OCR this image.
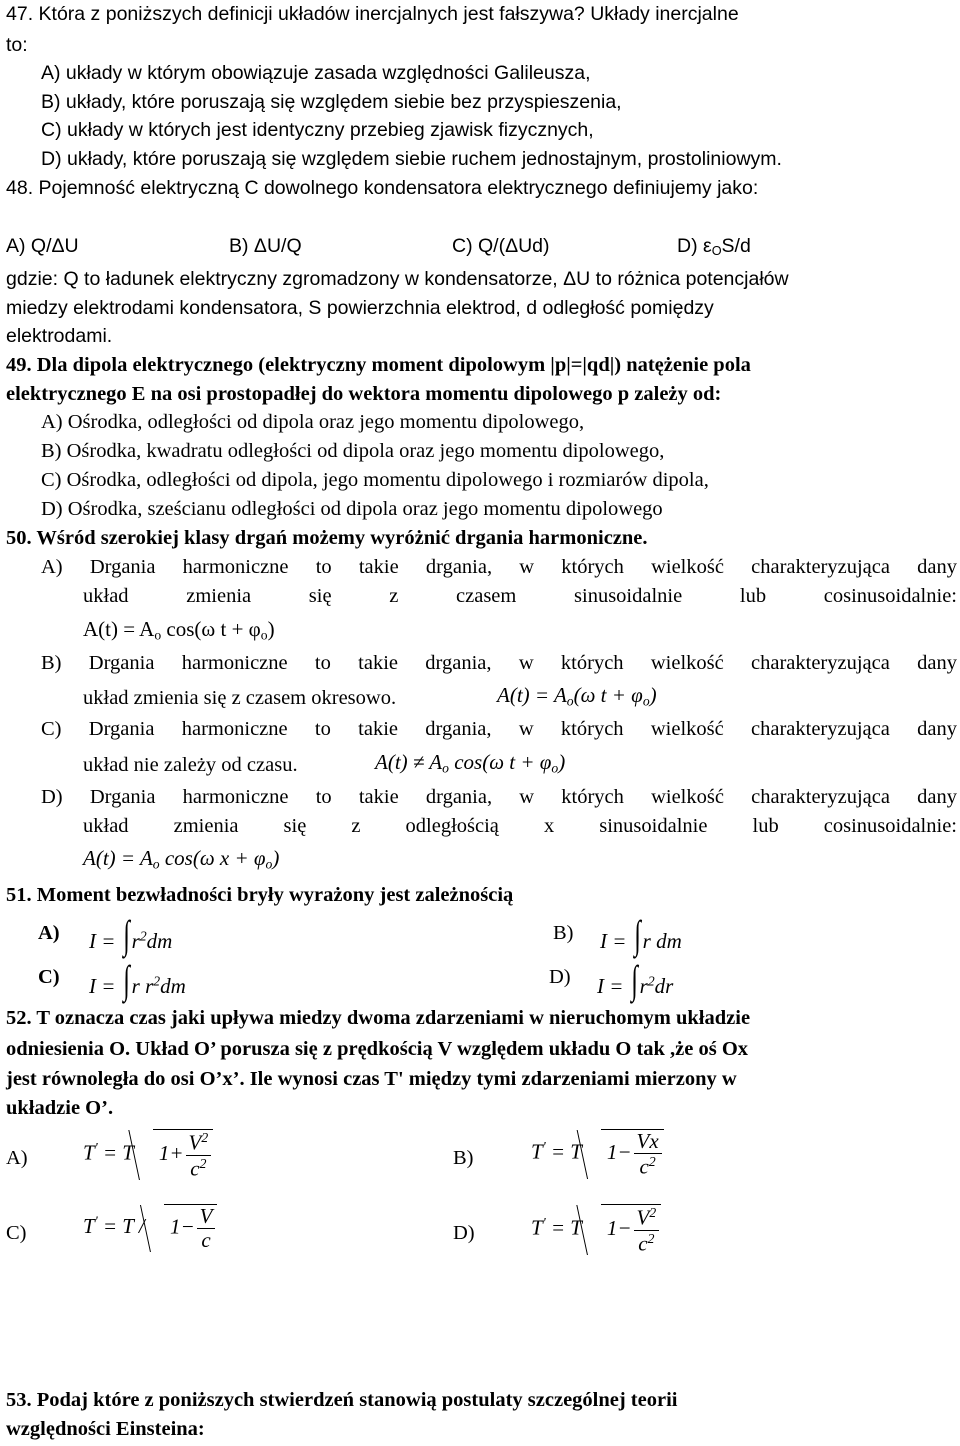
47. Która z poniższych definicji układów inercjalnych jest fałszywa? Układy inercjalne
to:
A) układy w którym obowiązuje zasada względności Galileusza,
B) układy, które poruszają się względem siebie bez przyspieszenia,
C) układy w których jest identyczny przebieg zjawisk fizycznych,
D) układy, które poruszają się względem siebie ruchem jednostajnym, prostoliniowym.
48. Pojemność elektryczną C dowolnego kondensatora elektrycznego definiujemy jako:
A) Q/ΔU	B) ΔU/Q	C) Q/(ΔUd)	D) $\varepsilon_OS/d$
gdzie: Q to ładunek elektryczny zgromadzony w kondensatorze, ΔU to różnica potencjałów
miedzy elektrodami kondensatora, S powierzchnia elektrod, d odległość pomiędzy
elektrodami.
49. Dla dipola elektrycznego (elektryczny moment dipolowym |p|=|qd|) natężenie pola
elektrycznego E na osi prostopadłej do wektora momentu dipolowego p zależy od:
A) Ośrodka, odległości od dipola oraz jego momentu dipolowego,
B) Ośrodka, kwadratu odległości od dipola oraz jego momentu dipolowego,
C) Ośrodka, odległości od dipola, jego momentu dipolowego i rozmiarów dipola,
D) Ośrodka, sześcianu odległości od dipola oraz jego momentu dipolowego
50. Wśród szerokiej klasy drgań możemy wyróżnić drgania harmoniczne.
A) Drgania harmoniczne to takie drgania, w których wielkość charakteryzująca dany
układ zmienia się z czasem sinusoidalnie lub cosinusoidalnie:
$A(t) = A_o$ cos(ω $t + \varphi_o$)
B) Drgania harmoniczne to takie drgania, w których wielkość charakteryzująca dany
układ zmienia się z czasem okresowo.	$A(t) = A_o(\omega$ $t + \varphi_o$)
C) Drgania harmoniczne to takie drgania, w których wielkość charakteryzująca dany
układ nie zależy od czasu.	$A(t) \ne A_o$ cos(ω $t + \varphi_o$)
D) Drgania harmoniczne to takie drgania, w których wielkość charakteryzująca dany
układ zmienia się z odległością x sinusoidalnie lub cosinusoidalnie:
$A(t) = A_o$ cos(ω $x + \varphi_o$)
51. Moment bezwładności bryły wyrażony jest zależnością
A) I = ∫ $r^2dm$	B) I = ∫ r dm
C) I = ∫ r $r^2dm$	D) I = ∫ $r^2dr$
52. T oznacza czas jaki upływa miedzy dwoma zdarzeniami w nieruchomym układzie
odniesienia O. Układ O’ porusza się z prędkością V względem układu O tak ,że oś Ox
jest równoległa do osi O’x’. Ile wynosi czas T' między tymi zdarzeniami mierzony w
układzie O’.
A)	T' = T $1+ \frac{V^2}{c^2}$	B)	T' = T $1- \frac{Vx}{c^2}$
C)	$T' = T / 1- \frac{V}{c}$	D)	T' = T $1- \frac{V^2}{c^2}$
53. Podaj które z poniższych stwierdzeń stanowią postulaty szczególnej teorii
względności Einsteina:
